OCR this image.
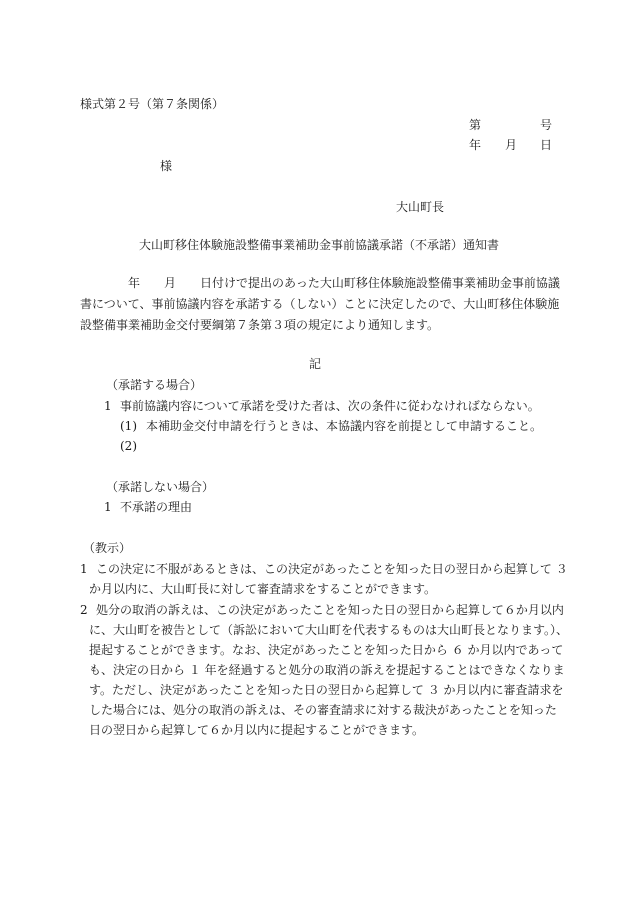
様式第２号（第７条関係）
第	号
年 月 日
様
大山町長
大山町移住体験施設整備事業補助金事前協議承諾（不承諾）通知書
　　　　年　　月　　日付けで提出のあった大山町移住体験施設整備事業補助金事前協議
書について、事前協議内容を承諾する（しない）ことに決定したので、大山町移住体験施
設整備事業補助金交付要綱第７条第３項の規定により通知します。
記
（承諾する場合）
1 事前協議内容について承諾を受けた者は、次の条件に従わなければならない。
(1) 本補助金交付申請を行うときは、本協議内容を前提として申請すること。
(2)
（承諾しない場合）
1 不承諾の理由
（教示）
1 この決定に不服があるときは、この決定があったことを知った日の翌日から起算して ３
か月以内に、大山町長に対して審査請求をすることができます。
2 処分の取消の訴えは、この決定があったことを知った日の翌日から起算して６か月以内
に、大山町を被告として（訴訟において大山町を代表するものは大山町長となります。）、
提起することができます。なお、決定があったことを知った日から ６ か月以内であって
も、決定の日から １ 年を経過すると処分の取消の訴えを提起することはできなくなりま
す。ただし、決定があったことを知った日の翌日から起算して ３ か月以内に審査請求を
した場合には、処分の取消の訴えは、その審査請求に対する裁決があったことを知った
日の翌日から起算して６か月以内に提起することができます。
